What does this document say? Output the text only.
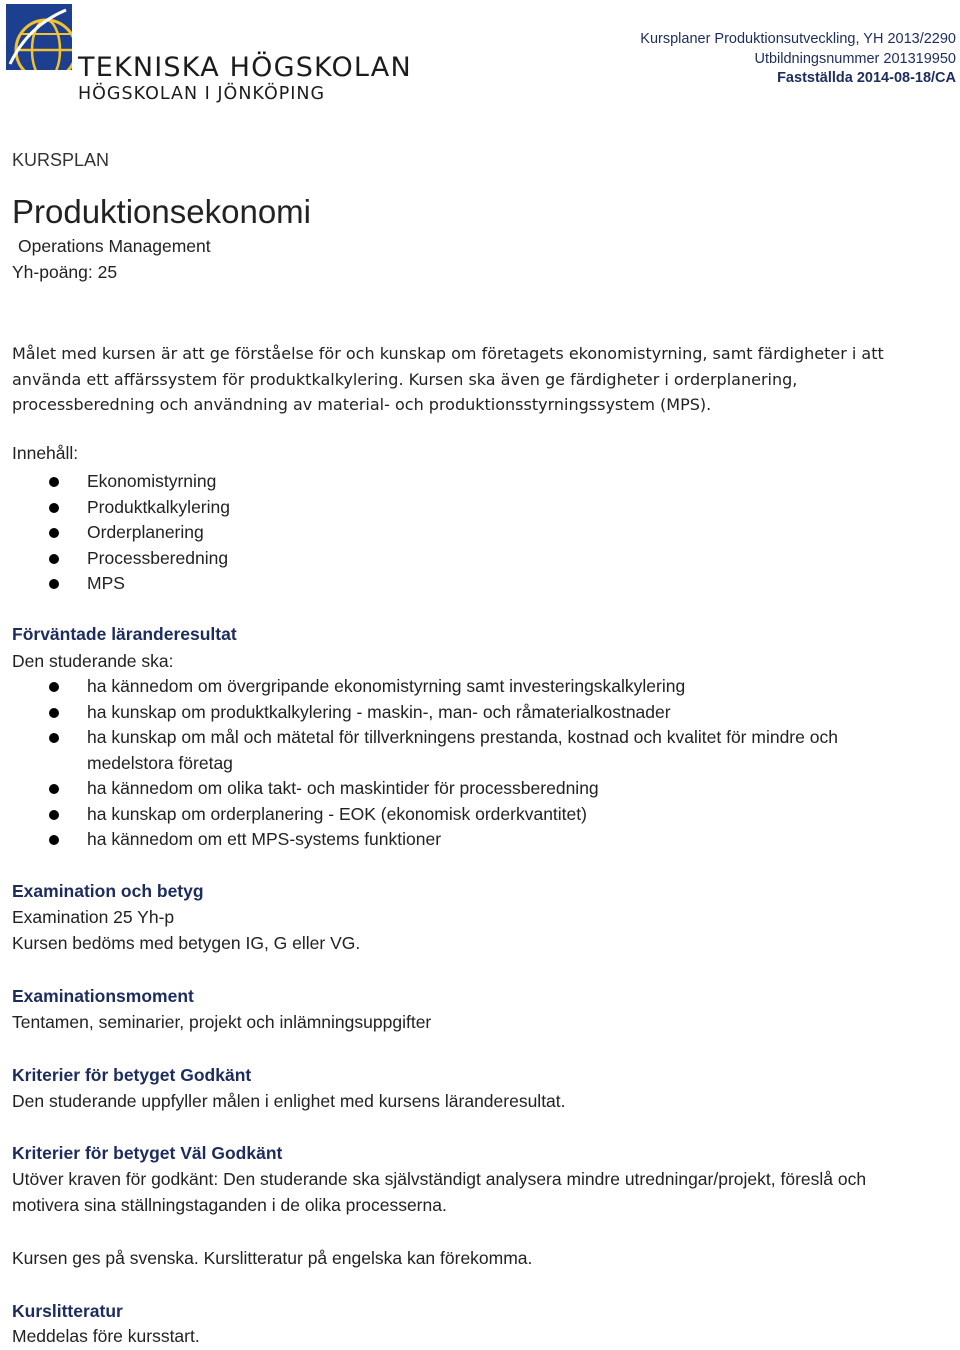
TEKNISKA HÖGSKOLAN
HÖGSKOLAN I JÖNKÖPING
Kursplaner Produktionsutveckling, YH 2013/2290
Utbildningsnummer 201319950
Fastställda 2014-08-18/CA
KURSPLAN
Produktionsekonomi
Operations Management
Yh-poäng: 25
Målet med kursen är att ge förståelse för och kunskap om företagets ekonomistyrning, samt färdigheter i att
använda ett affärssystem för produktkalkylering. Kursen ska även ge färdigheter i orderplanering,
processberedning och användning av material- och produktionsstyrningssystem (MPS).
Innehåll:
Ekonomistyrning
Produktkalkylering
Orderplanering
Processberedning
MPS
Förväntade läranderesultat
Den studerande ska:
ha kännedom om övergripande ekonomistyrning samt investeringskalkylering
ha kunskap om produktkalkylering - maskin-, man- och råmaterialkostnader
ha kunskap om mål och mätetal för tillverkningens prestanda, kostnad och kvalitet för mindre och
medelstora företag
ha kännedom om olika takt- och maskintider för processberedning
ha kunskap om orderplanering - EOK (ekonomisk orderkvantitet)
ha kännedom om ett MPS-systems funktioner
Examination och betyg
Examination 25 Yh-p
Kursen bedöms med betygen IG, G eller VG.
Examinationsmoment
Tentamen, seminarier, projekt och inlämningsuppgifter
Kriterier för betyget Godkänt
Den studerande uppfyller målen i enlighet med kursens läranderesultat.
Kriterier för betyget Väl Godkänt
Utöver kraven för godkänt: Den studerande ska självständigt analysera mindre utredningar/projekt, föreslå och
motivera sina ställningstaganden i de olika processerna.
Kursen ges på svenska. Kurslitteratur på engelska kan förekomma.
Kurslitteratur
Meddelas före kursstart.
